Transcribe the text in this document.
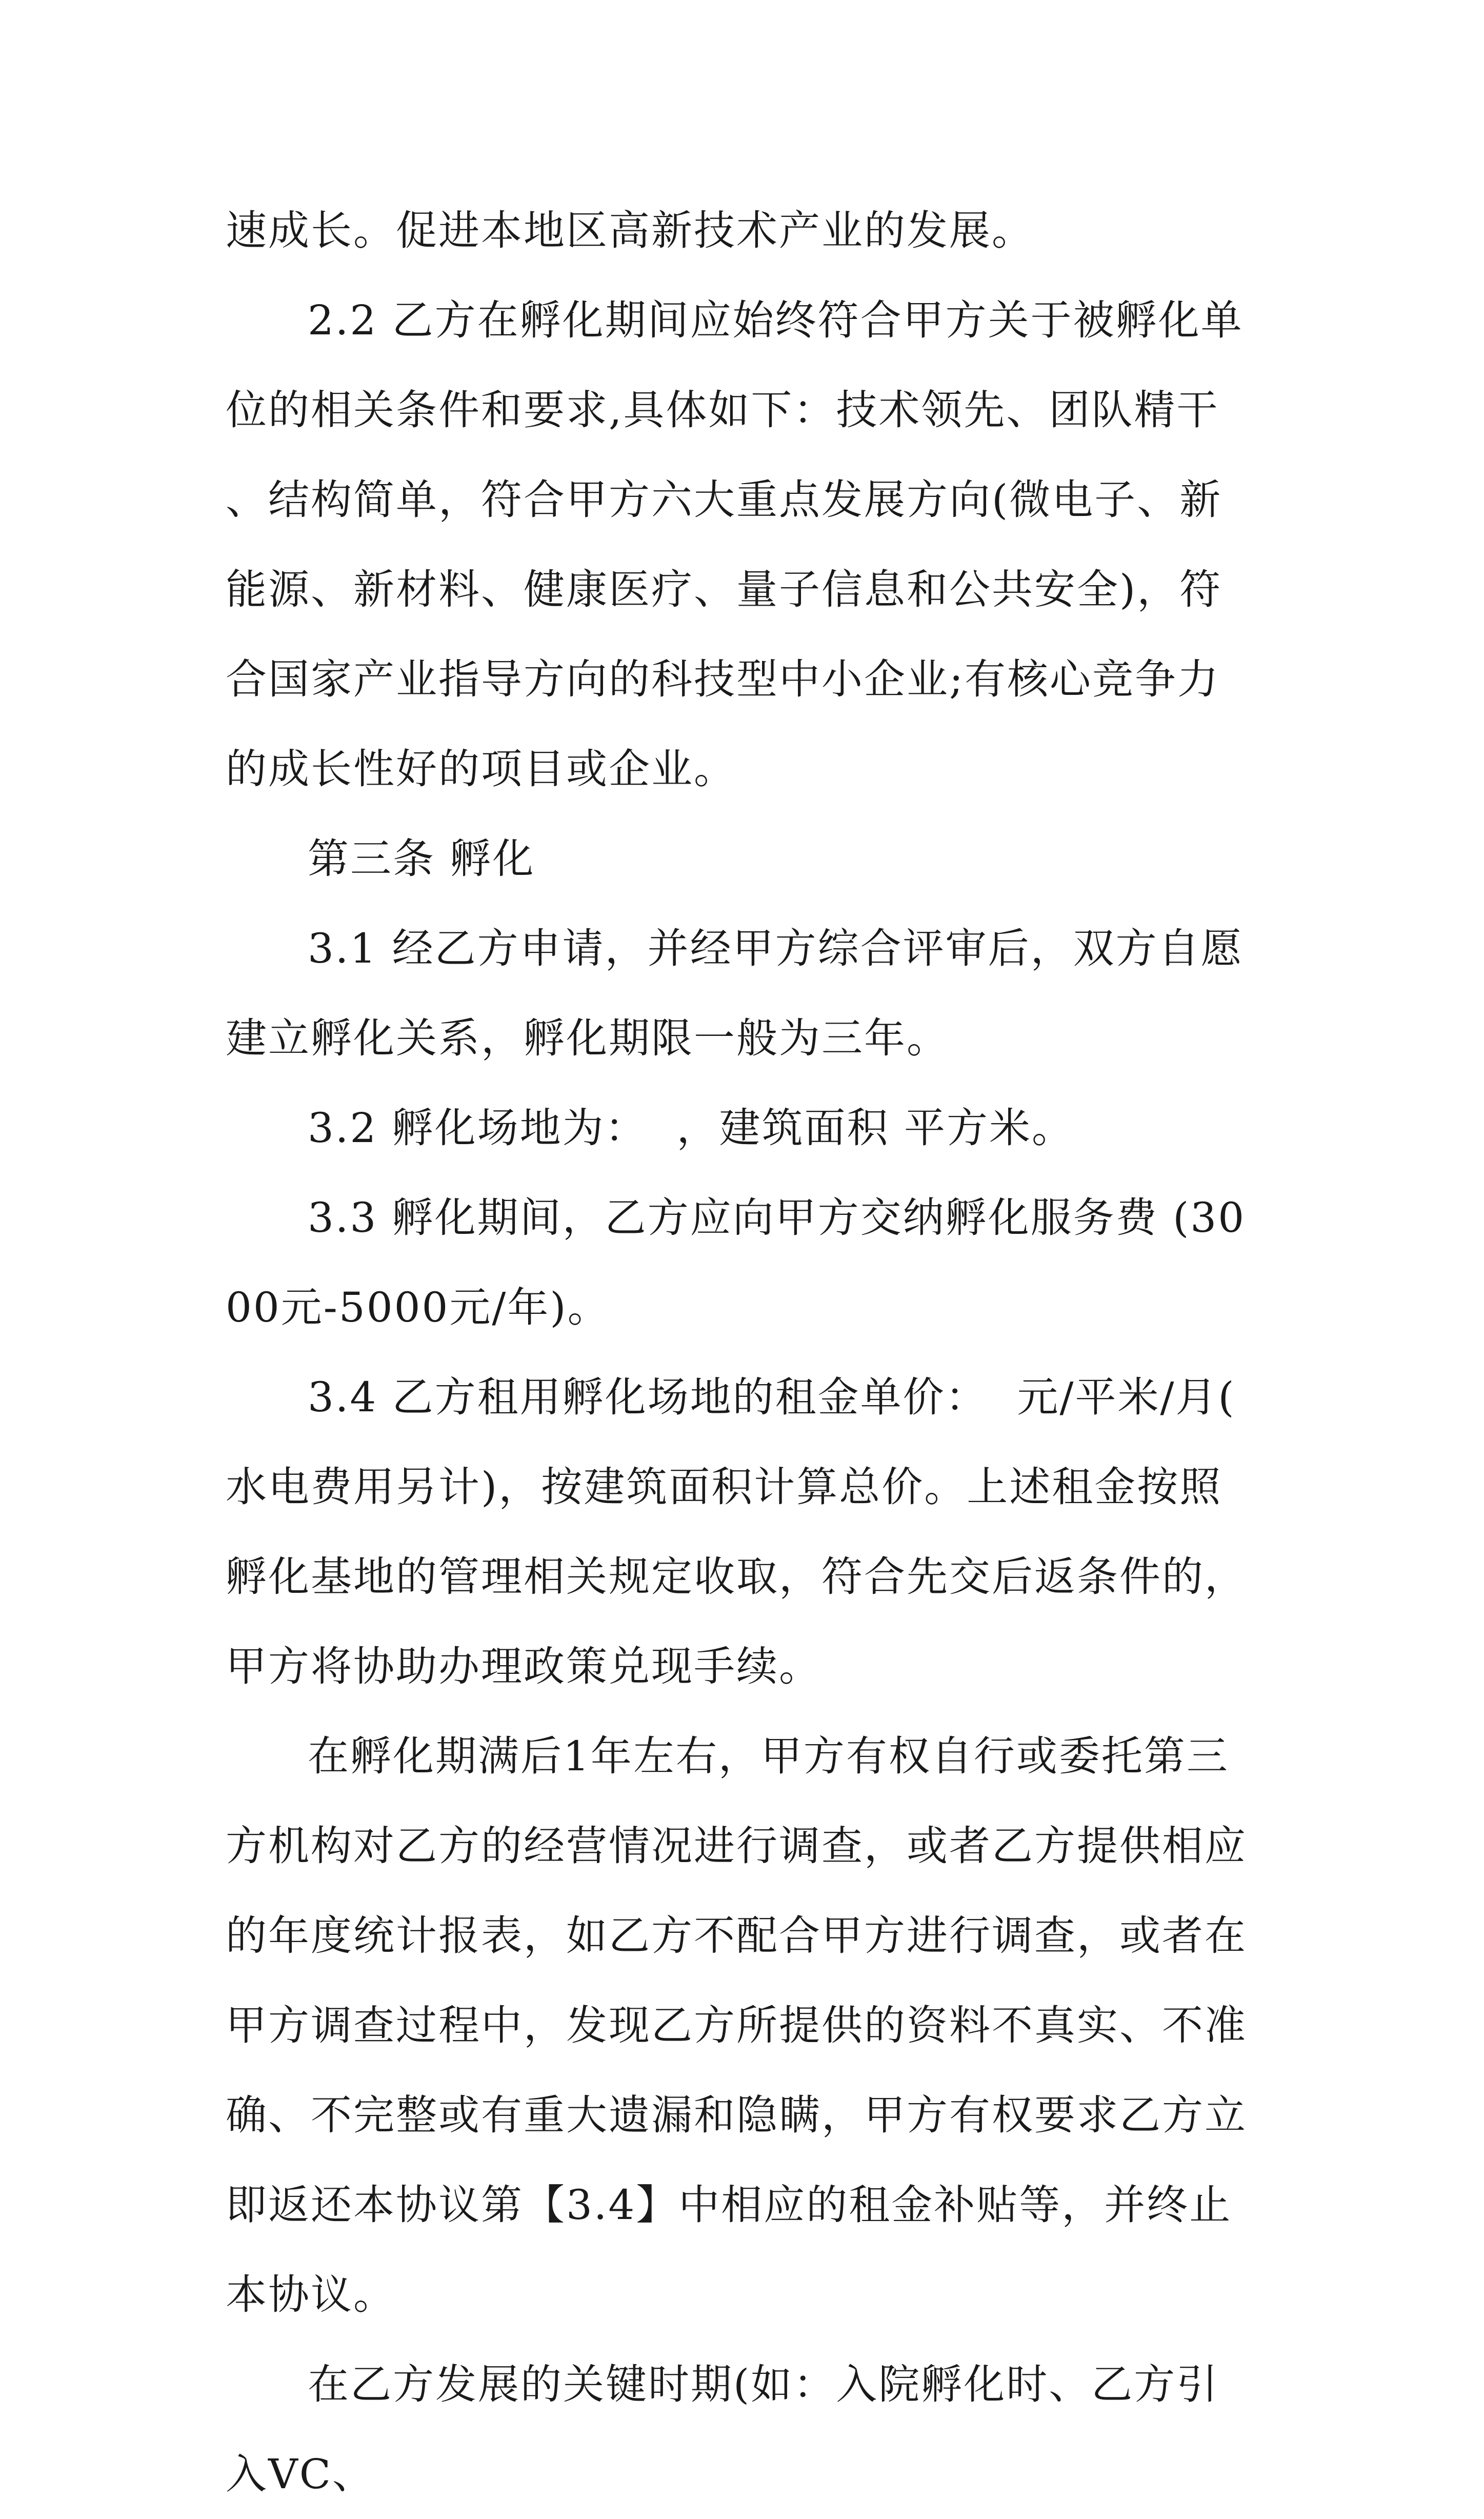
速成长。促进本地区高新技术产业的发展。

2.2 乙方在孵化期间应始终符合甲方关于被孵化单位的相关条件和要求,具体如下：技术领先、团队精干、结构简单，符合甲方六大重点发展方向(微电子、新能源、新材料、健康医疗、量子信息和公共安全)，符合国家产业指导方向的科技型中小企业;有核心竞争力的成长性好的项目或企业。

第三条 孵化

3.1 经乙方申请，并经甲方综合评审后，双方自愿建立孵化关系，孵化期限一般为三年。

3.2 孵化场地为：  ，建筑面积 平方米。

3.3 孵化期间，乙方应向甲方交纳孵化服务费 (3000元-5000元/年)。

3.4 乙方租用孵化场地的租金单价：  元/平米/月(水电费用另计)，按建筑面积计算总价。上述租金按照孵化基地的管理相关规定收取，符合先交后返条件的，甲方将协助办理政策兑现手续。

在孵化期满后1年左右，甲方有权自行或委托第三方机构对乙方的经营情况进行调查，或者乙方提供相应的年度统计报表，如乙方不配合甲方进行调查，或者在甲方调查过程中，发现乙方所提供的资料不真实、不准确、不完整或有重大遗漏和隐瞒，甲方有权要求乙方立即返还本协议第【3.4】中相应的租金补贴等，并终止本协议。

在乙方发展的关键时期(如：入院孵化时、乙方引入VC、
